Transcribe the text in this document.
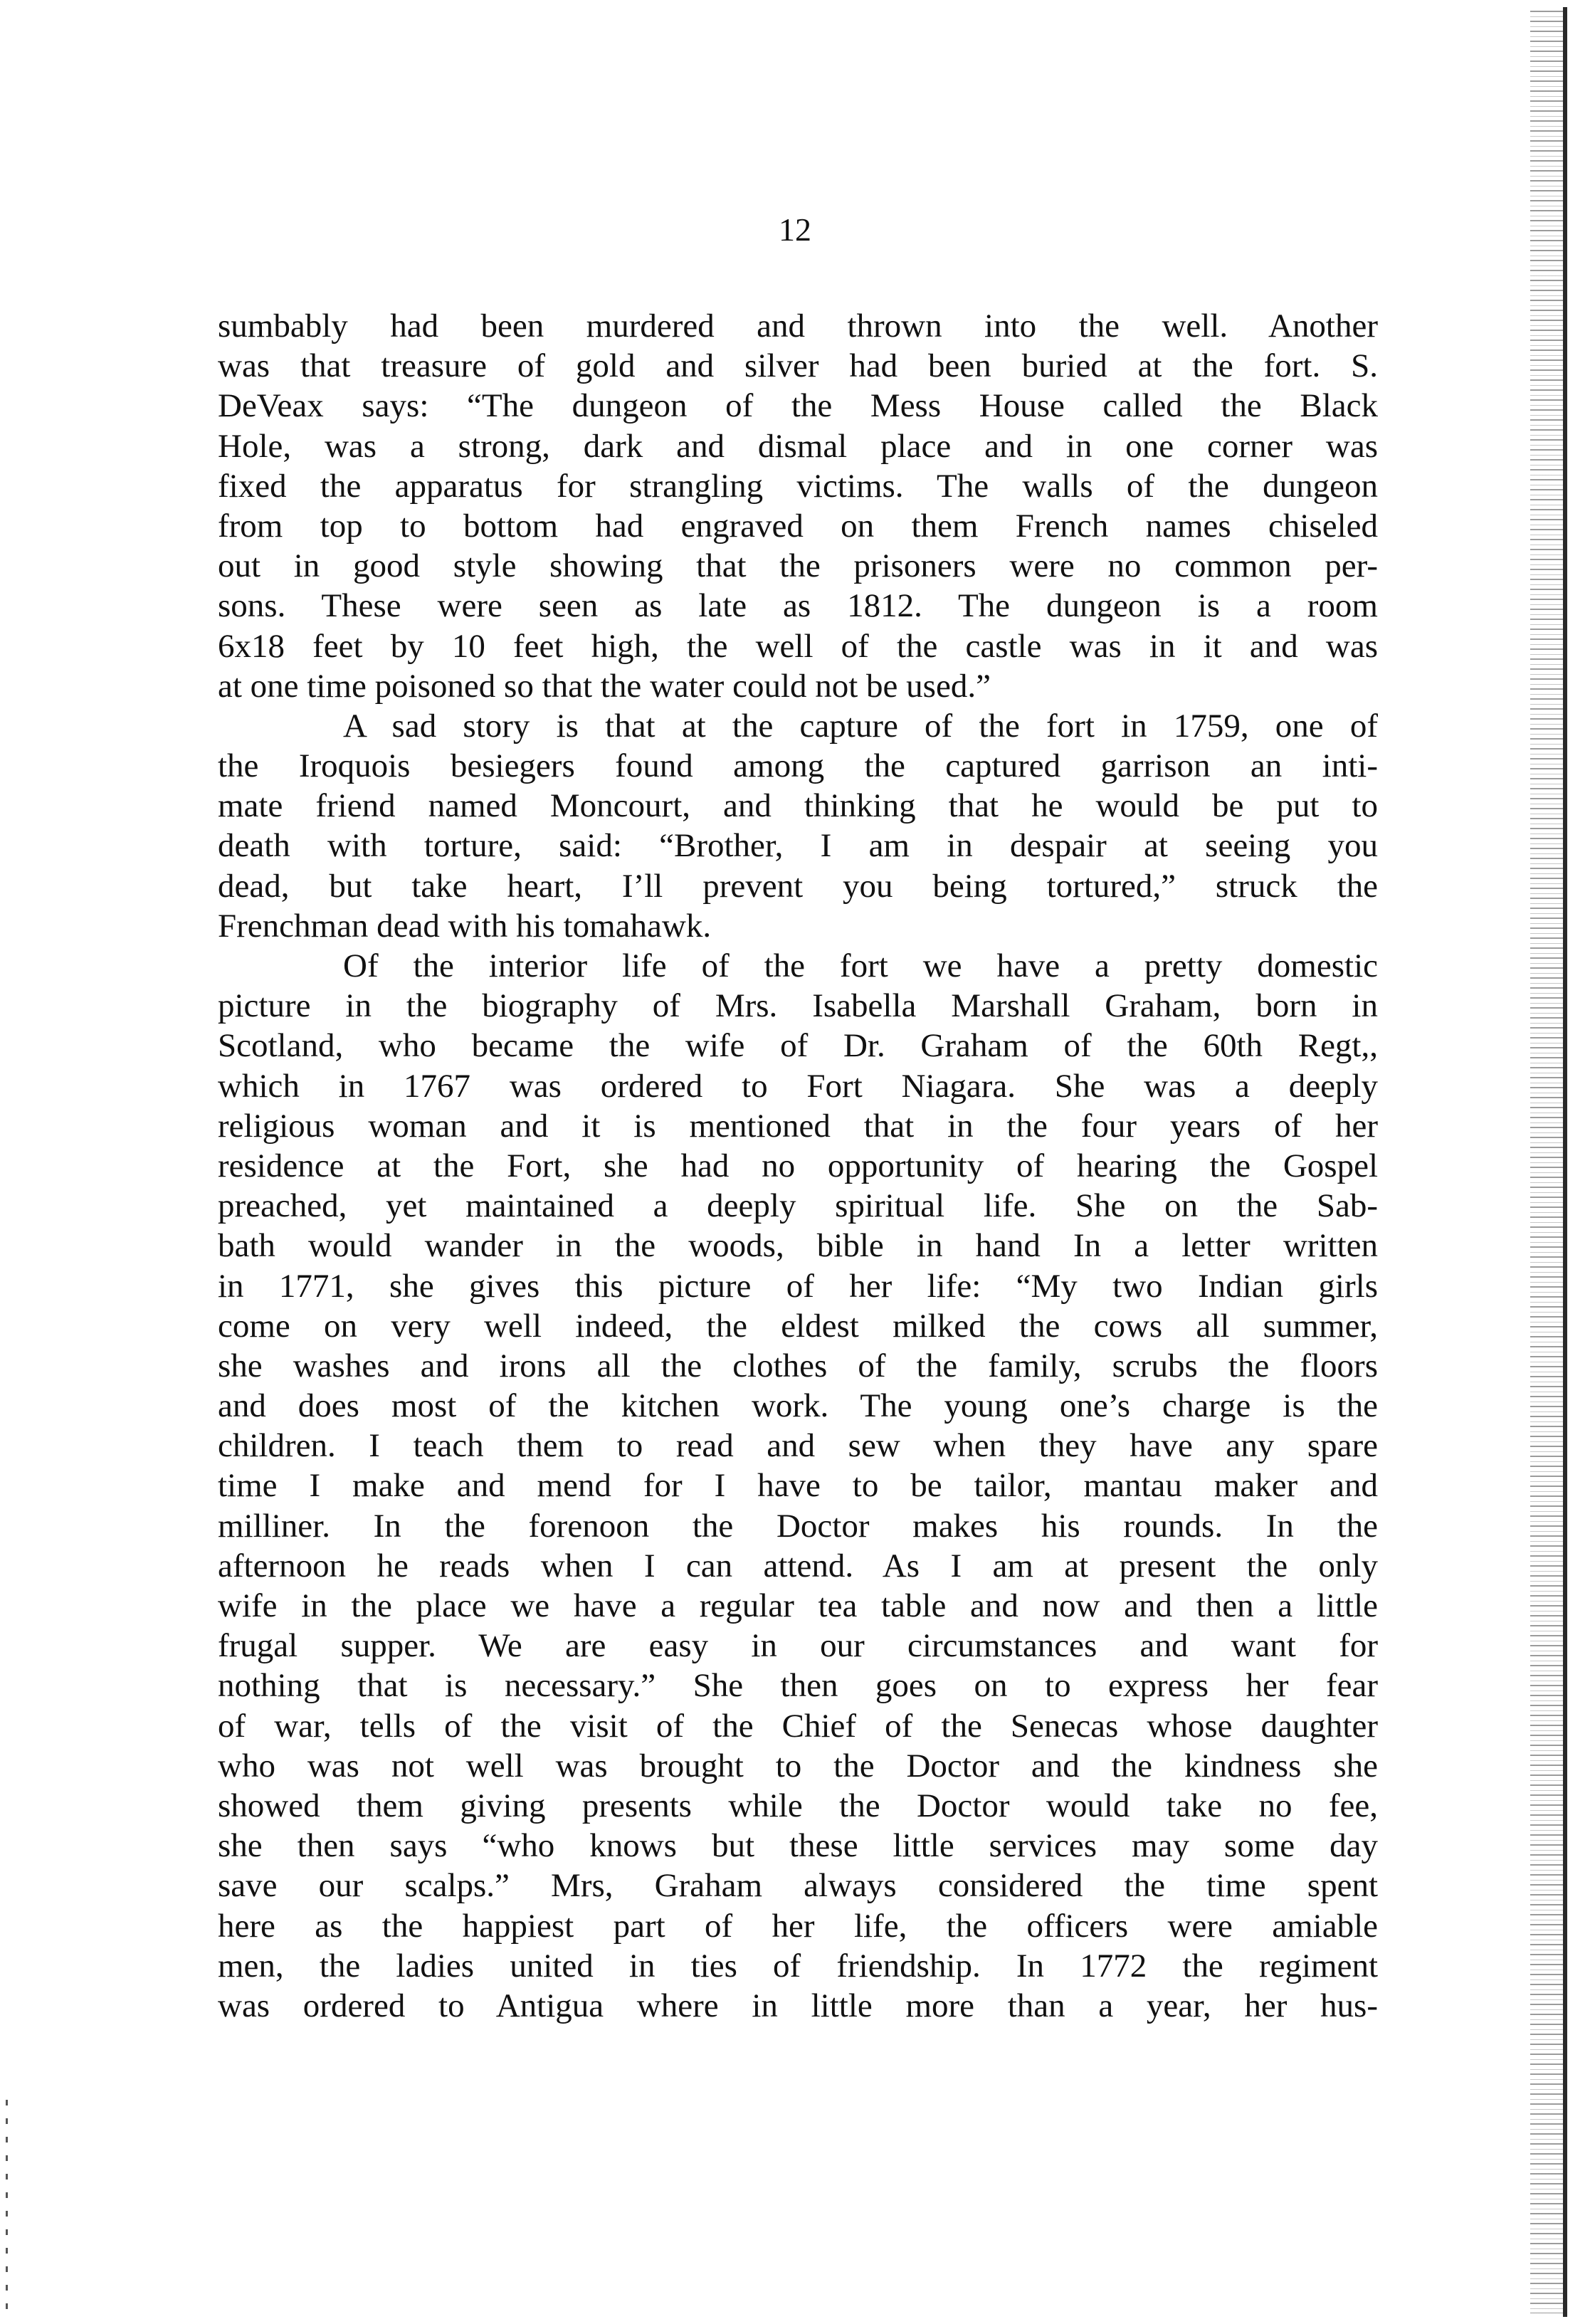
12
sumbably had been murdered and thrown into the well. Another
was that treasure of gold and silver had been buried at the fort. S.
DeVeax says: “The dungeon of the Mess House called the Black
Hole, was a strong, dark and dismal place and in one corner was
fixed the apparatus for strangling victims. The walls of the dungeon
from top to bottom had engraved on them French names chiseled
out in good style showing that the prisoners were no common per-
sons. These were seen as late as 1812. The dungeon is a room
6x18 feet by 10 feet high, the well of the castle was in it and was
at one time poisoned so that the water could not be used.”
A sad story is that at the capture of the fort in 1759, one of
the Iroquois besiegers found among the captured garrison an inti-
mate friend named Moncourt, and thinking that he would be put to
death with torture, said: “Brother, I am in despair at seeing you
dead, but take heart, I’ll prevent you being tortured,” struck the
Frenchman dead with his tomahawk.
Of the interior life of the fort we have a pretty domestic
picture in the biography of Mrs. Isabella Marshall Graham, born in
Scotland, who became the wife of Dr. Graham of the 60th Regt,,
which in 1767 was ordered to Fort Niagara. She was a deeply
religious woman and it is mentioned that in the four years of her
residence at the Fort, she had no opportunity of hearing the Gospel
preached, yet maintained a deeply spiritual life. She on the Sab-
bath would wander in the woods, bible in hand In a letter written
in 1771, she gives this picture of her life: “My two Indian girls
come on very well indeed, the eldest milked the cows all summer,
she washes and irons all the clothes of the family, scrubs the floors
and does most of the kitchen work. The young one’s charge is the
children. I teach them to read and sew when they have any spare
time I make and mend for I have to be tailor, mantau maker and
milliner. In the forenoon the Doctor makes his rounds. In the
afternoon he reads when I can attend. As I am at present the only
wife in the place we have a regular tea table and now and then a little
frugal supper. We are easy in our circumstances and want for
nothing that is necessary.” She then goes on to express her fear
of war, tells of the visit of the Chief of the Senecas whose daughter
who was not well was brought to the Doctor and the kindness she
showed them giving presents while the Doctor would take no fee,
she then says “who knows but these little services may some day
save our scalps.” Mrs, Graham always considered the time spent
here as the happiest part of her life, the officers were amiable
men, the ladies united in ties of friendship. In 1772 the regiment
was ordered to Antigua where in little more than a year, her hus-
